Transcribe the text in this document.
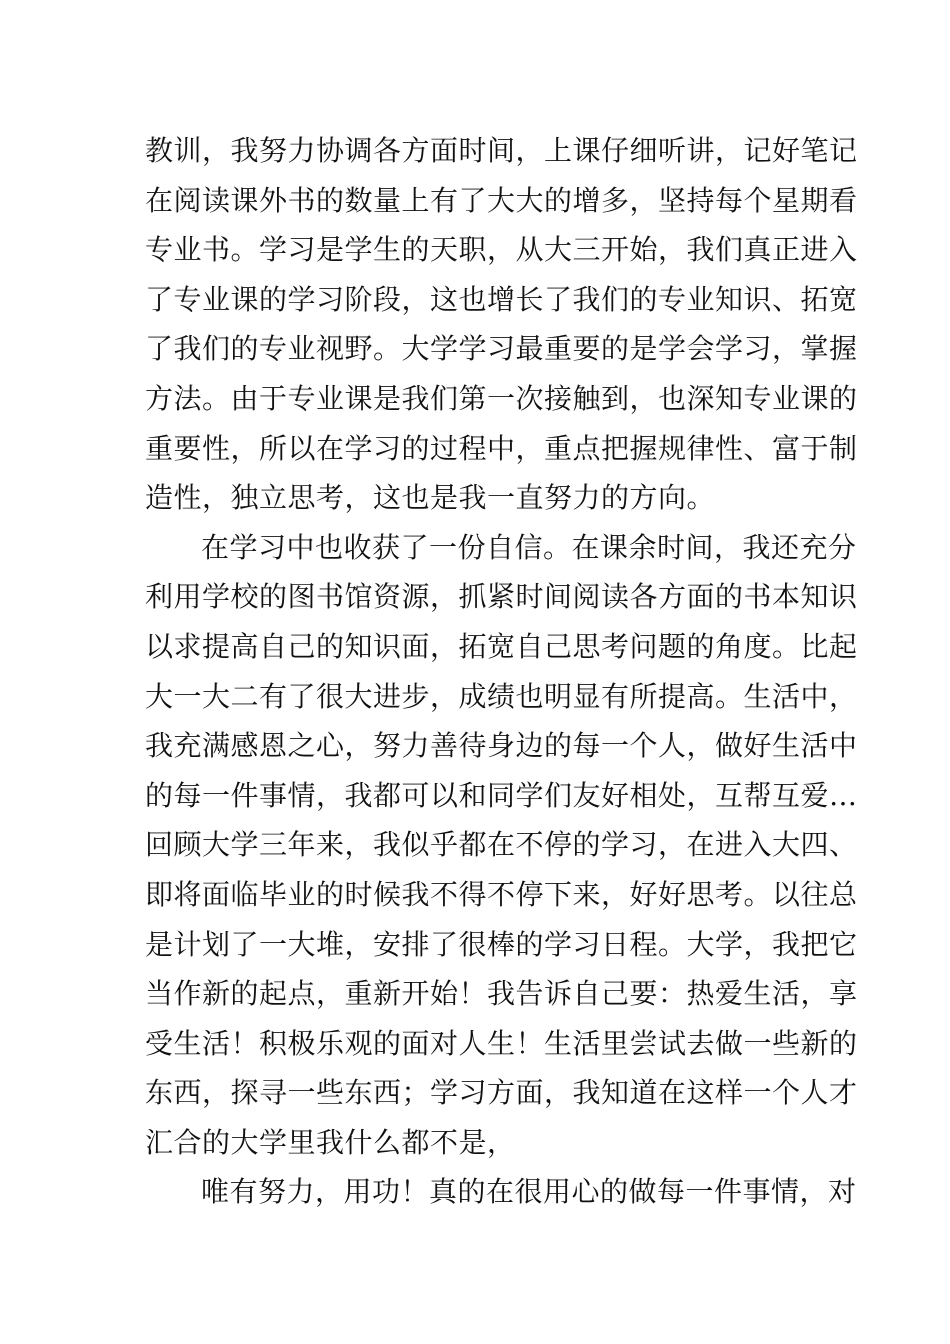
教训，我努力协调各方面时间，上课仔细听讲，记好笔记
在阅读课外书的数量上有了大大的增多，坚持每个星期看
专业书。学习是学生的天职，从大三开始，我们真正进入
了专业课的学习阶段，这也增长了我们的专业知识、拓宽
了我们的专业视野。大学学习最重要的是学会学习，掌握
方法。由于专业课是我们第一次接触到，也深知专业课的
重要性，所以在学习的过程中，重点把握规律性、富于制
造性，独立思考，这也是我一直努力的方向。
在学习中也收获了一份自信。在课余时间，我还充分
利用学校的图书馆资源，抓紧时间阅读各方面的书本知识
以求提高自己的知识面，拓宽自己思考问题的角度。比起
大一大二有了很大进步，成绩也明显有所提高。生活中，
我充满感恩之心，努力善待身边的每一个人，做好生活中
的每一件事情，我都可以和同学们友好相处，互帮互爱…
回顾大学三年来，我似乎都在不停的学习，在进入大四、
即将面临毕业的时候我不得不停下来，好好思考。以往总
是计划了一大堆，安排了很棒的学习日程。大学，我把它
当作新的起点，重新开始！我告诉自己要：热爱生活，享
受生活！积极乐观的面对人生！生活里尝试去做一些新的
东西，探寻一些东西；学习方面，我知道在这样一个人才
汇合的大学里我什么都不是，
唯有努力，用功！真的在很用心的做每一件事情，对
